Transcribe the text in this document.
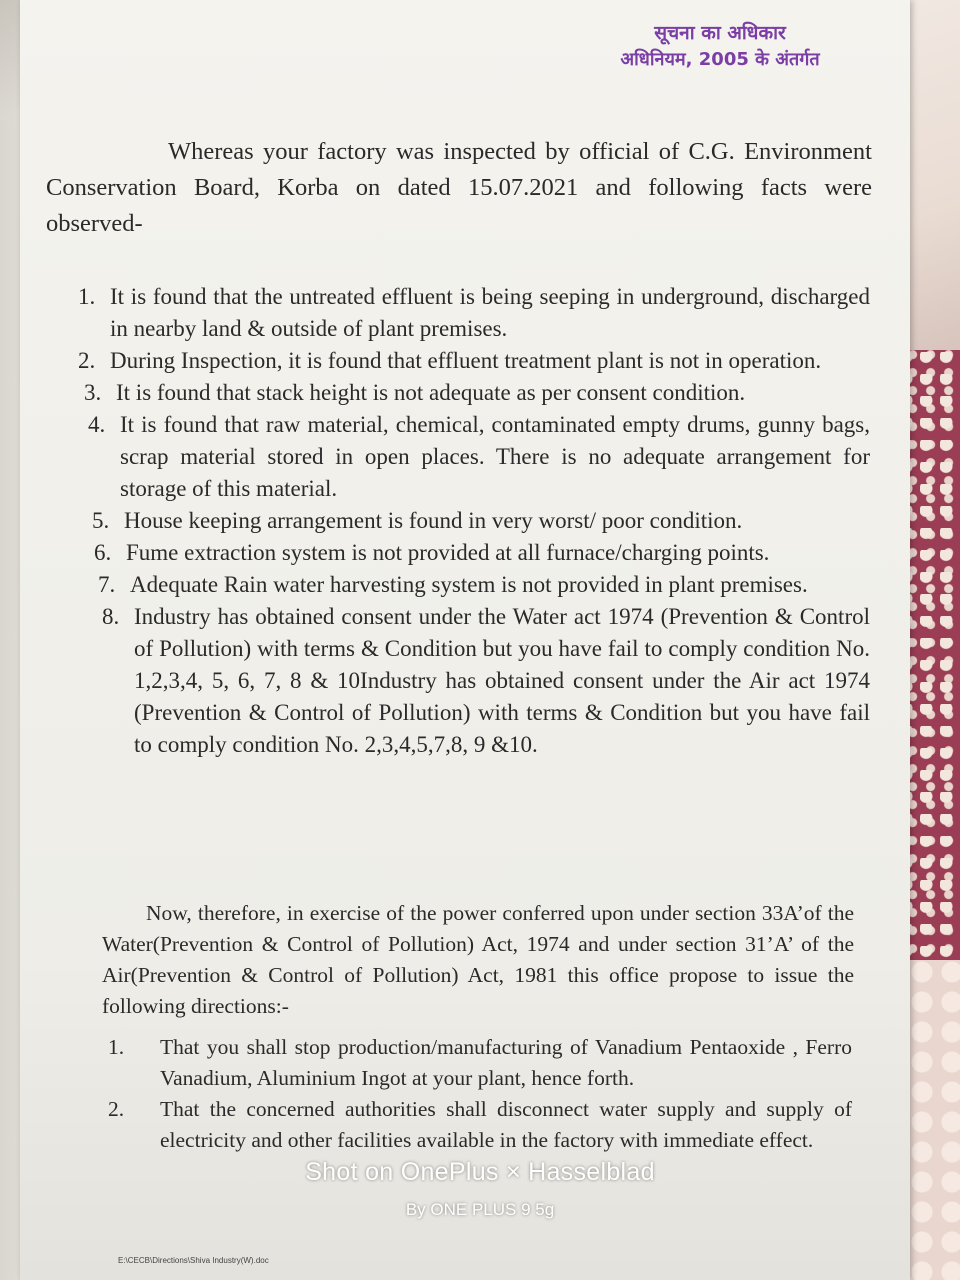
सूचना का अधिकार
अधिनियम, 2005 के अंतर्गत
Whereas your factory was inspected by official of C.G. Environment Conservation Board, Korba on dated 15.07.2021 and following facts were observed-
1. It is found that the untreated effluent is being seeping in underground, discharged in nearby land & outside of plant premises.
2. During Inspection, it is found that effluent treatment plant is not in operation.
3. It is found that stack height is not adequate as per consent condition.
4. It is found that raw material, chemical, contaminated empty drums, gunny bags, scrap material stored in open places. There is no adequate arrangement for storage of this material.
5. House keeping arrangement is found in very worst/ poor condition.
6. Fume extraction system is not provided at all furnace/charging points.
7. Adequate Rain water harvesting system is not provided in plant premises.
8. Industry has obtained consent under the Water act 1974 (Prevention & Control of Pollution) with terms & Condition but you have fail to comply condition No. 1,2,3,4, 5, 6, 7, 8 & 10Industry has obtained consent under the Air act 1974 (Prevention & Control of Pollution) with terms & Condition but you have fail to comply condition No. 2,3,4,5,7,8, 9 &10.
Now, therefore, in exercise of the power conferred upon under section 33A’of the Water(Prevention & Control of Pollution) Act, 1974 and under section 31’A’ of the Air(Prevention & Control of Pollution) Act, 1981 this office propose to issue the following directions:-
1. That you shall stop production/manufacturing of Vanadium Pentaoxide , Ferro Vanadium, Aluminium Ingot at your plant, hence forth.
2. That the concerned authorities shall disconnect water supply and supply of electricity and other facilities available in the factory with immediate effect.
E:\CECB\Directions\Shiva Industry(W).doc
Shot on OnePlus × Hasselblad
By ONE PLUS 9 5g
